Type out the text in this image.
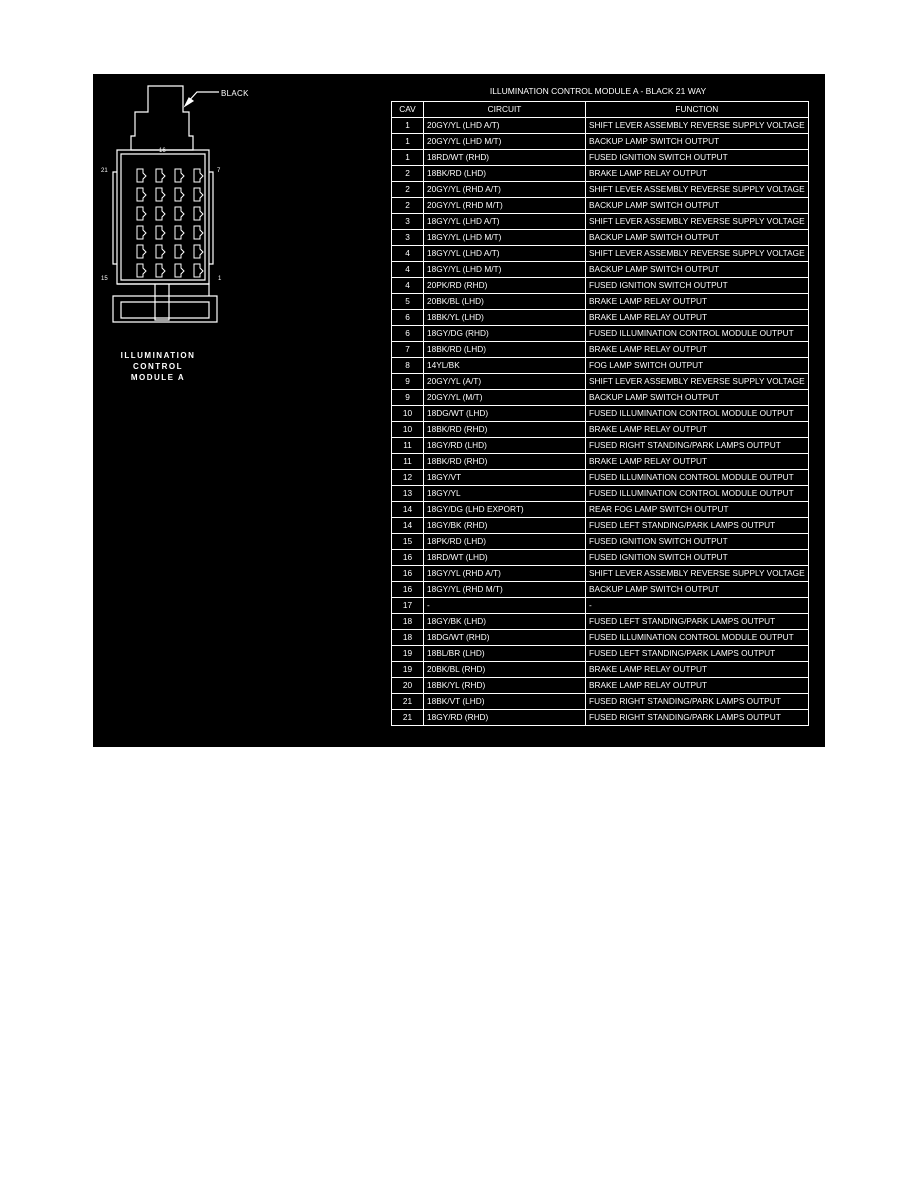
BLACK
16
21	7
15	1
ILLUMINATION
CONTROL
MODULE A
ILLUMINATION CONTROL MODULE A - BLACK 21 WAY
CAV	CIRCUIT	FUNCTION
1	20GY/YL (LHD A/T)	SHIFT LEVER ASSEMBLY REVERSE SUPPLY VOLTAGE
1	20GY/YL (LHD M/T)	BACKUP LAMP SWITCH OUTPUT
1	18RD/WT (RHD)	FUSED IGNITION SWITCH OUTPUT
2	18BK/RD (LHD)	BRAKE LAMP RELAY OUTPUT
2	20GY/YL (RHD A/T)	SHIFT LEVER ASSEMBLY REVERSE SUPPLY VOLTAGE
2	20GY/YL (RHD M/T)	BACKUP LAMP SWITCH OUTPUT
3	18GY/YL (LHD A/T)	SHIFT LEVER ASSEMBLY REVERSE SUPPLY VOLTAGE
3	18GY/YL (LHD M/T)	BACKUP LAMP SWITCH OUTPUT
4	18GY/YL (LHD A/T)	SHIFT LEVER ASSEMBLY REVERSE SUPPLY VOLTAGE
4	18GY/YL (LHD M/T)	BACKUP LAMP SWITCH OUTPUT
4	20PK/RD (RHD)	FUSED IGNITION SWITCH OUTPUT
5	20BK/BL (LHD)	BRAKE LAMP RELAY OUTPUT
6	18BK/YL (LHD)	BRAKE LAMP RELAY OUTPUT
6	18GY/DG (RHD)	FUSED ILLUMINATION CONTROL MODULE OUTPUT
7	18BK/RD (LHD)	BRAKE LAMP RELAY OUTPUT
8	14YL/BK	FOG LAMP SWITCH OUTPUT
9	20GY/YL (A/T)	SHIFT LEVER ASSEMBLY REVERSE SUPPLY VOLTAGE
9	20GY/YL (M/T)	BACKUP LAMP SWITCH OUTPUT
10	18DG/WT (LHD)	FUSED ILLUMINATION CONTROL MODULE OUTPUT
10	18BK/RD (RHD)	BRAKE LAMP RELAY OUTPUT
11	18GY/RD (LHD)	FUSED RIGHT STANDING/PARK LAMPS OUTPUT
11	18BK/RD (RHD)	BRAKE LAMP RELAY OUTPUT
12	18GY/VT	FUSED ILLUMINATION CONTROL MODULE OUTPUT
13	18GY/YL	FUSED ILLUMINATION CONTROL MODULE OUTPUT
14	18GY/DG (LHD EXPORT)	REAR FOG LAMP SWITCH OUTPUT
14	18GY/BK (RHD)	FUSED LEFT STANDING/PARK LAMPS OUTPUT
15	18PK/RD (LHD)	FUSED IGNITION SWITCH OUTPUT
16	18RD/WT (LHD)	FUSED IGNITION SWITCH OUTPUT
16	18GY/YL (RHD A/T)	SHIFT LEVER ASSEMBLY REVERSE SUPPLY VOLTAGE
16	18GY/YL (RHD M/T)	BACKUP LAMP SWITCH OUTPUT
17	-	-
18	18GY/BK (LHD)	FUSED LEFT STANDING/PARK LAMPS OUTPUT
18	18DG/WT (RHD)	FUSED ILLUMINATION CONTROL MODULE OUTPUT
19	18BL/BR (LHD)	FUSED LEFT STANDING/PARK LAMPS OUTPUT
19	20BK/BL (RHD)	BRAKE LAMP RELAY OUTPUT
20	18BK/YL (RHD)	BRAKE LAMP RELAY OUTPUT
21	18BK/VT (LHD)	FUSED RIGHT STANDING/PARK LAMPS OUTPUT
21	18GY/RD (RHD)	FUSED RIGHT STANDING/PARK LAMPS OUTPUT
